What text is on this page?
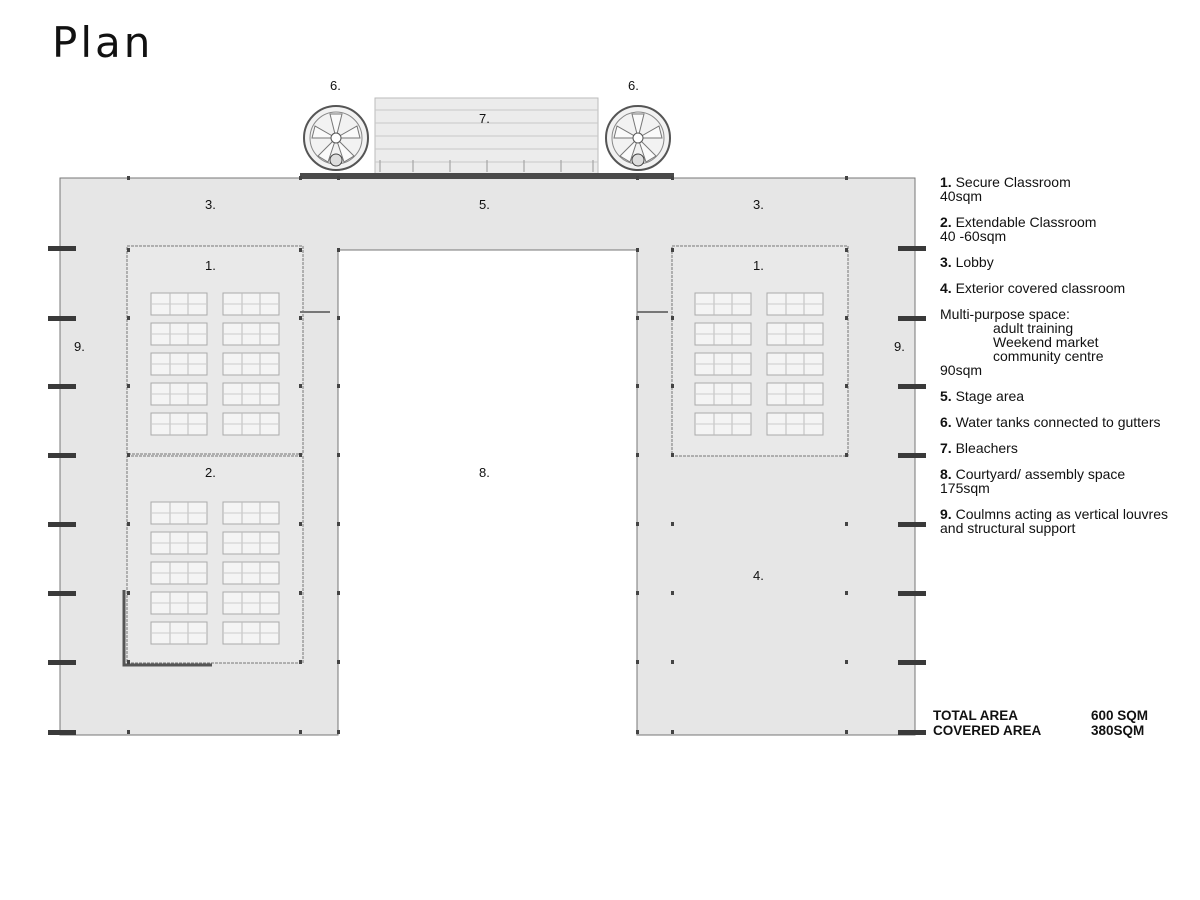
Plan
6.	6.
7.
3.	5.	3.
1.	1.
9.	9.
2.	8.
4.
1. Secure Classroom
40sqm
2. Extendable Classroom
40 -60sqm
3. Lobby
4. Exterior covered classroom
Multi-purpose space:
adult training
Weekend market
community centre
90sqm
5. Stage area
6. Water tanks connected to gutters
7. Bleachers
8. Courtyard/ assembly space
175sqm
9. Coulmns acting as vertical louvres
and structural support
TOTAL AREA	600 SQM
COVERED AREA	380SQM
